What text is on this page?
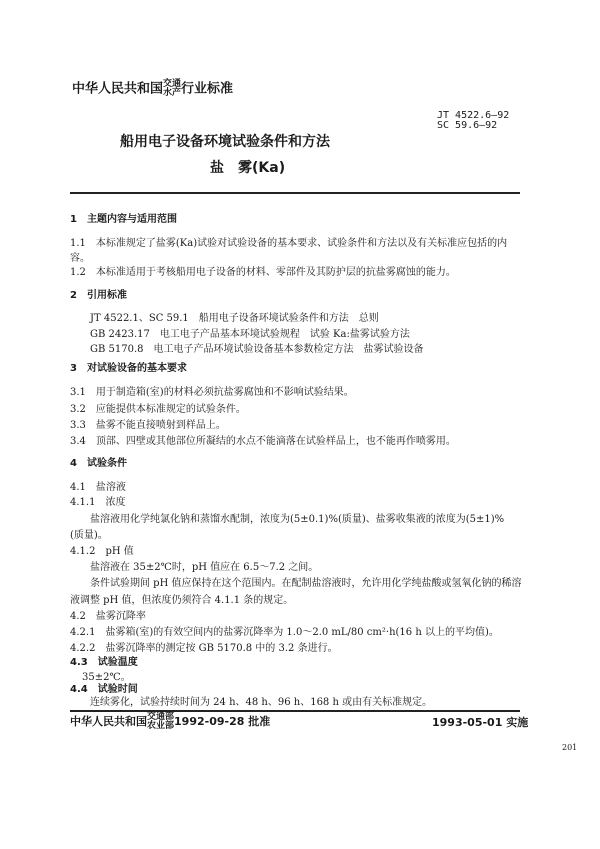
中华人民共和国 交通
水产 行业标准
JT 4522.6—92
SC 59.6—92
船用电子设备环境试验条件和方法
盐　雾(Ka)
1　主题内容与适用范围
1.1　本标准规定了盐雾(Ka)试验对试验设备的基本要求、试验条件和方法以及有关标准应包括的内
容。
1.2　本标准适用于考核船用电子设备的材料、零部件及其防护层的抗盐雾腐蚀的能力。
2　引用标准
JT 4522.1、SC 59.1　船用电子设备环境试验条件和方法　总则
GB 2423.17　电工电子产品基本环境试验规程　试验 Ka:盐雾试验方法
GB 5170.8　电工电子产品环境试验设备基本参数检定方法　盐雾试验设备
3　对试验设备的基本要求
3.1　用于制造箱(室)的材料必须抗盐雾腐蚀和不影响试验结果。
3.2　应能提供本标准规定的试验条件。
3.3　盐雾不能直接喷射到样品上。
3.4　顶部、四壁或其他部位所凝结的水点不能滴落在试验样品上，也不能再作喷雾用。
4　试验条件
4.1　盐溶液
4.1.1　浓度
盐溶液用化学纯氯化钠和蒸馏水配制，浓度为(5±0.1)%(质量)、盐雾收集液的浓度为(5±1)%
(质量)。
4.1.2　pH 值
盐溶液在 35±2℃时，pH 值应在 6.5～7.2 之间。
条件试验期间 pH 值应保持在这个范围内。在配制盐溶液时，允许用化学纯盐酸或氢氧化钠的稀溶
液调整 pH 值，但浓度仍须符合 4.1.1 条的规定。
4.2　盐雾沉降率
4.2.1　盐雾箱(室)的有效空间内的盐雾沉降率为 1.0～2.0 mL/80 cm²·h(16 h 以上的平均值)。
4.2.2　盐雾沉降率的测定按 GB 5170.8 中的 3.2 条进行。
4.3　试验温度
35±2℃。
4.4　试验时间
连续雾化，试验持续时间为 24 h、48 h、96 h、168 h 或由有关标准规定。
中华人民共和国 交通部
农业部 1992-09-28 批准	1993-05-01 实施
201
